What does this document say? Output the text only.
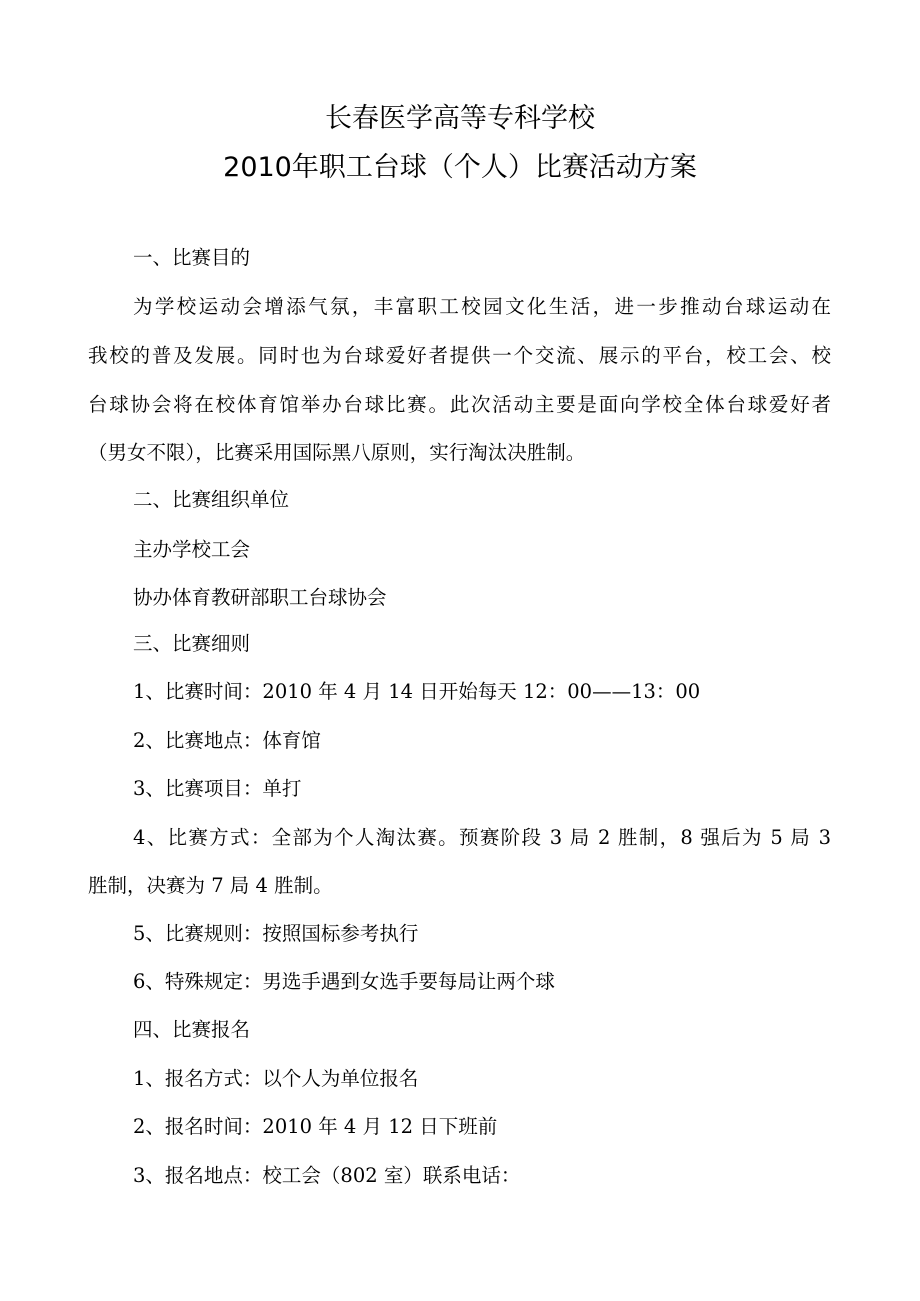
长春医学高等专科学校
2010年职工台球（个人）比赛活动方案
一、比赛目的
为学校运动会增添气氛，丰富职工校园文化生活，进一步推动台球运动在
我校的普及发展。同时也为台球爱好者提供一个交流、展示的平台，校工会、校
台球协会将在校体育馆举办台球比赛。此次活动主要是面向学校全体台球爱好者
（男女不限），比赛采用国际黑八原则，实行淘汰决胜制。
二、比赛组织单位
主办学校工会
协办体育教研部职工台球协会
三、比赛细则
1、比赛时间：2010 年 4 月 14 日开始每天 12：00——13：00
2、比赛地点：体育馆
3、比赛项目：单打
4、比赛方式：全部为个人淘汰赛。预赛阶段 3 局 2 胜制，8 强后为 5 局 3
胜制，决赛为 7 局 4 胜制。
5、比赛规则：按照国标参考执行
6、特殊规定：男选手遇到女选手要每局让两个球
四、比赛报名
1、报名方式：以个人为单位报名
2、报名时间：2010 年 4 月 12 日下班前
3、报名地点：校工会（802 室）联系电话：
